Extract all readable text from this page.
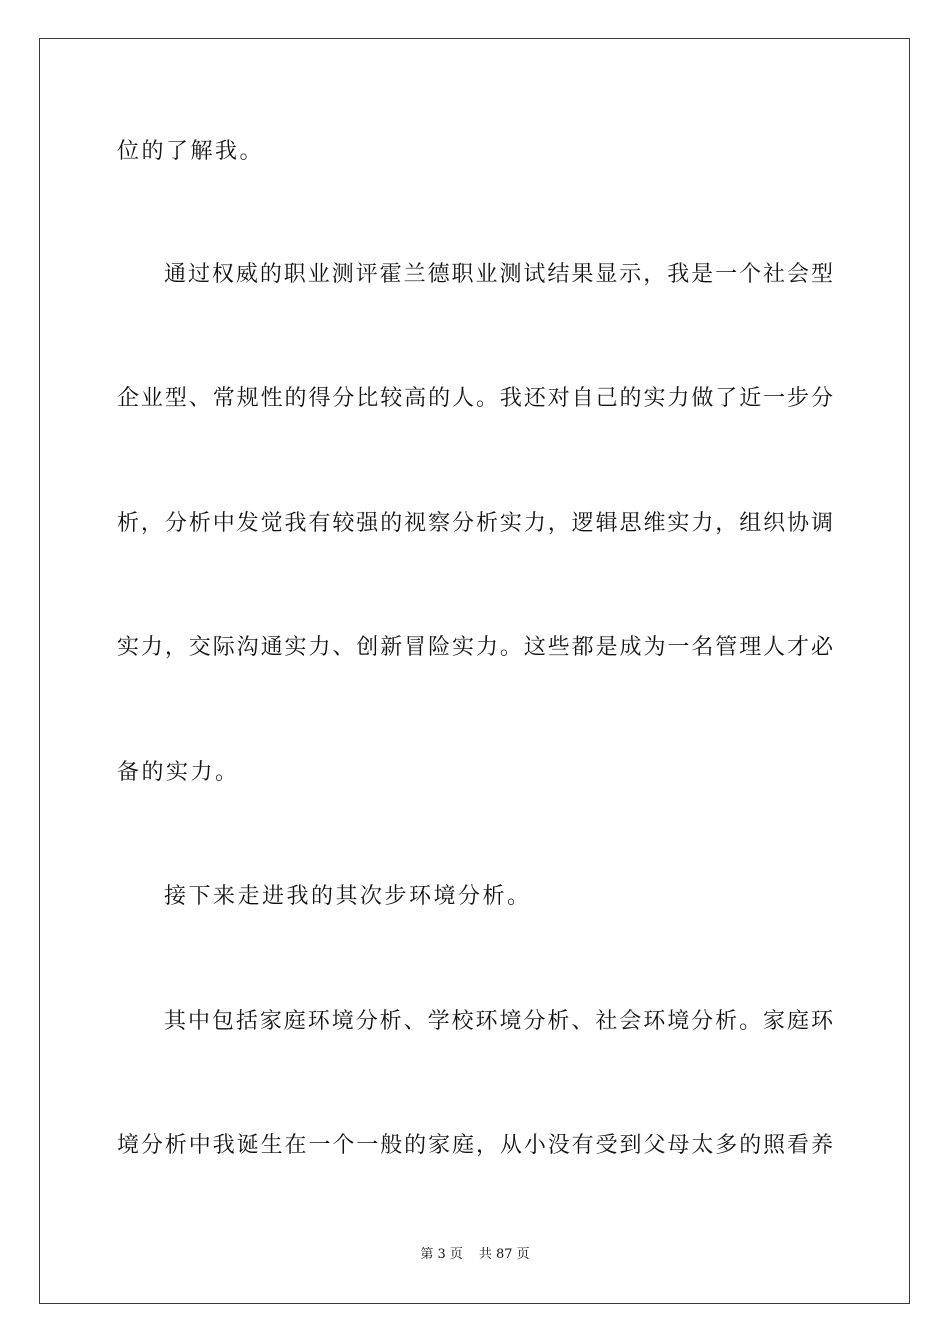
位的了解我。

通过权威的职业测评霍兰德职业测试结果显示，我是一个社会型

企业型、常规性的得分比较高的人。我还对自己的实力做了近一步分

析，分析中发觉我有较强的视察分析实力，逻辑思维实力，组织协调

实力，交际沟通实力、创新冒险实力。这些都是成为一名管理人才必

备的实力。

接下来走进我的其次步环境分析。

其中包括家庭环境分析、学校环境分析、社会环境分析。家庭环

境分析中我诞生在一个一般的家庭，从小没有受到父母太多的照看养

第 3 页 共 87 页
